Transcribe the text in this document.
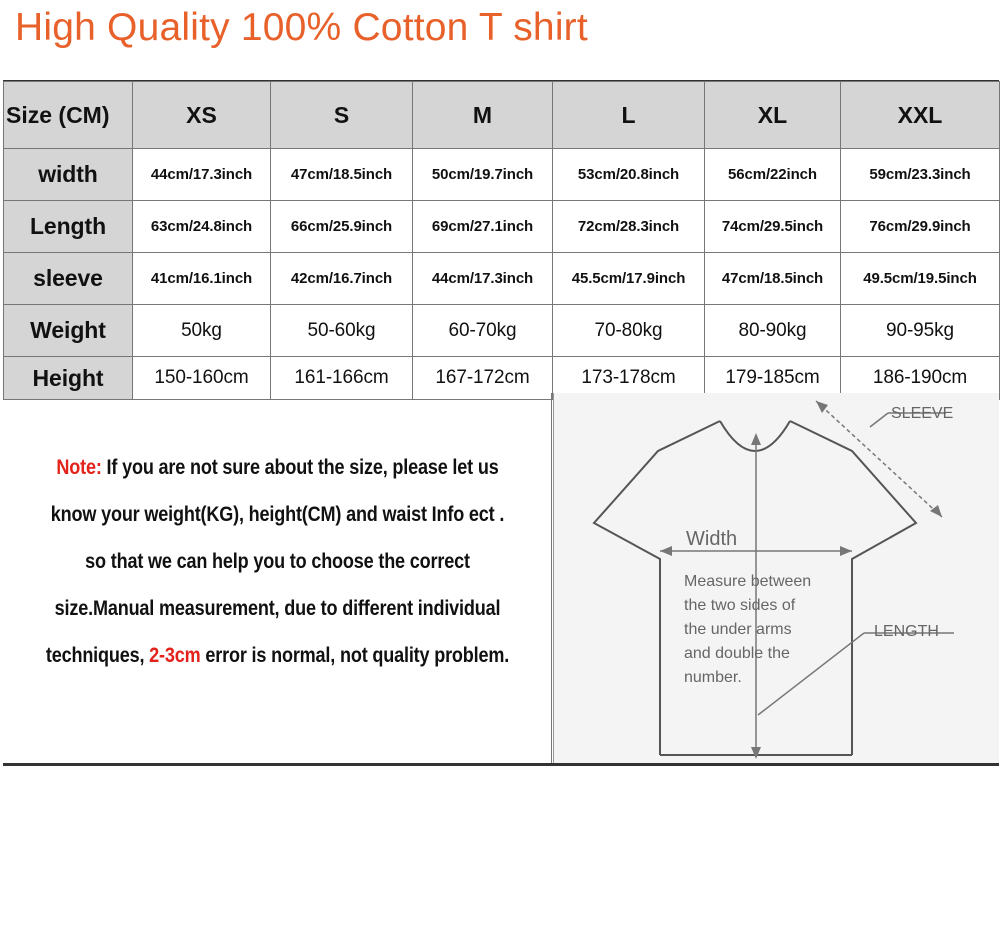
High Quality 100% Cotton T shirt
Size (CM)	XS	S	M	L	XL	XXL
width	44cm/17.3inch	47cm/18.5inch	50cm/19.7inch	53cm/20.8inch	56cm/22inch	59cm/23.3inch
Length	63cm/24.8inch	66cm/25.9inch	69cm/27.1inch	72cm/28.3inch	74cm/29.5inch	76cm/29.9inch
sleeve	41cm/16.1inch	42cm/16.7inch	44cm/17.3inch	45.5cm/17.9inch	47cm/18.5inch	49.5cm/19.5inch
Weight	50kg	50-60kg	60-70kg	70-80kg	80-90kg	90-95kg
Height	150-160cm	161-166cm	167-172cm	173-178cm	179-185cm	186-190cm
Note: If you are not sure about the size, please let us
know your weight(KG), height(CM) and waist Info ect .
so that we can help you to choose the correct
size.Manual measurement, due to different individual
techniques, 2-3cm error is normal, not quality problem.
SLEEVE
Width
LENGTH
Measure between
the two sides of
the under arms
and double the
number.
